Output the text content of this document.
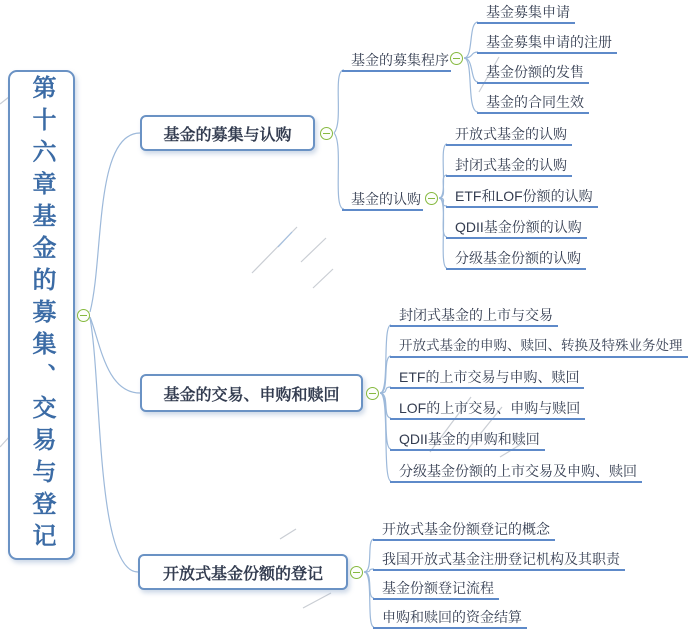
第十六章基金的募集、交易与登记	基金的募集与认购
基金的募集程序
基金募集申请
基金募集申请的注册
基金份额的发售
基金的合同生效
基金的认购
开放式基金的认购
封闭式基金的认购
ETF和LOF份额的认购
QDII基金份额的认购
分级基金份额的认购
基金的交易、申购和赎回
封闭式基金的上市与交易
开放式基金的申购、赎回、转换及特殊业务处理
ETF的上市交易与申购、赎回
LOF的上市交易、申购与赎回
QDII基金的申购和赎回
分级基金份额的上市交易及申购、赎回
开放式基金份额的登记
开放式基金份额登记的概念
我国开放式基金注册登记机构及其职责
基金份额登记流程
申购和赎回的资金结算
